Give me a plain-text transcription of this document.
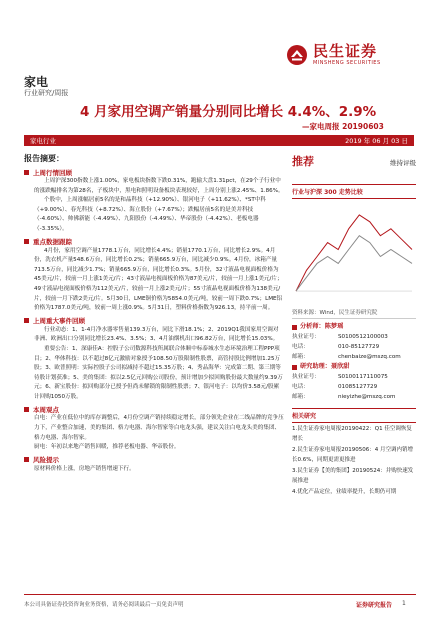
民生证券
MINSHENG SECURITIES
家电
行业研究/周报
4 月家用空调产销量分别同比增长 4.4%、2.9%
—家电周报 20190603
家电行业	2019 年 06 月 03 日
报告摘要：
上周行情回顾

上周沪深300指数上涨1.00%，家电板块指数下跌0.31%，跑输大盘1.31pct，在29个子行业中的涨跌幅排名为第28名，子板块中，黑电和照明设备板块表现较好，上周分别上涨2.45%、1.86%。

个股中，上周涨幅居前5名的是和晶科技（+12.90%）、银河电子（+11.62%）、*ST中科（+9.00%）、春光科技（+8.72%）、海立股份（+7.67%）；跌幅居前5名的是美并科技（-4.60%）、帅佛新能（-4.49%）、九阳股份（-4.49%）、华帝股份（-4.42%）、老板电器（-3.35%）。

重点数据跟踪

4月份，家用空调产量1778.1万台，同比增长4.4%；销量1770.1万台，同比增长2.9%。4月份，洗衣机产量548.6万台，同比增长0.2%；销量665.9万台，同比减少0.9%。4月份，冰箱产量713.5万台，同比减少1.7%；销量665.9万台，同比增长0.3%。5月份，32寸液晶电视面板价格为45美元/片，较前一月上涨1美元/片；43寸液晶电视面板价格为87美元/片，较前一月上涨1美元/片；49寸液晶电视面板价格为112美元/片，较前一月上涨2美元/片；55寸液晶电视面板价格为138美元/片，较前一月下跌2美元/片。5月30日，LME铜价格为5854.0美元/吨，较前一周下跌0.7%；LME铝价格为1787.0美元/吨，较前一周上涨0.9%。5月31日，塑料价格指数为926.13，持平前一周。

上周重大事件回顾

行业动态：1、1-4月净水器零售量139.3万台，同比下滑18.1%；2、2019Q1我国家用空调对非洲、欧洲出口分别同比增长23.4%、3.5%；3、4月油烟机出口96.82万台，同比增长15.03%。

重要公告：1、深康佳A：控股子公司数源科技所属联合体顺中标泰城水生态环境治理工程PPP项目；2、华体科技：以不超过8亿元激励对象授予108.50万股限制性股票，高管持股比例增加1.25万股；3、欧普照明：实际控股子公司拟减持不超过15.35万股；4、秀品海华：完成第二期、第三期等待股计划获准；5、美的集团：拟以2.5亿元回购公司股份，预计增加少拟回购股份最大数量约9.39万元；6、新宝股份：拟回购部分已授予但尚未解锁的限制性股票；7、银河电子：以均价3.58元/股累计回购1050万股。

本周观点

白电：产业在低位中的库存调整后，4月份空调产销持续稳定增长，部分领先企业在二线品牌的竞争压力下，产业整合加速，美的集团、格力电器、海尔智家等白电龙头强，建议关注白电龙头美的集团、格力电器、海尔智家。

厨电：年初以来地产销售回暖，推荐老板电器、华帝股份。

风险提示

原材料价格上涨，房地产销售增速下行。

推荐	维持评级
行业与沪深 300 走势比较
资料来源：Wind，民生证券研究院
分析师： 陈梦瑶
执业证号：	S0100512100003
电话：	010-85127729
邮箱：	chenbaize@mszq.com
研究助理： 聂欣甜
执业证号：	S0100117110075
电话：	01085127729
邮箱：	nieyizhe@mszq.com
相关研究
1.民生证券家电周报20190422：Q1 佳空调恢复增长
2.民生证券家电周报20190506：4 月空调内销增长0.6%，同期更需更推进
3.民生证券【美的集团】20190524：并购快速发展推进
4.优化产品定位，业绩率提升，长期仍可期
本公司具备证券投资咨询业务资格，请务必阅读最后一页免责声明	证券研究报告 1
